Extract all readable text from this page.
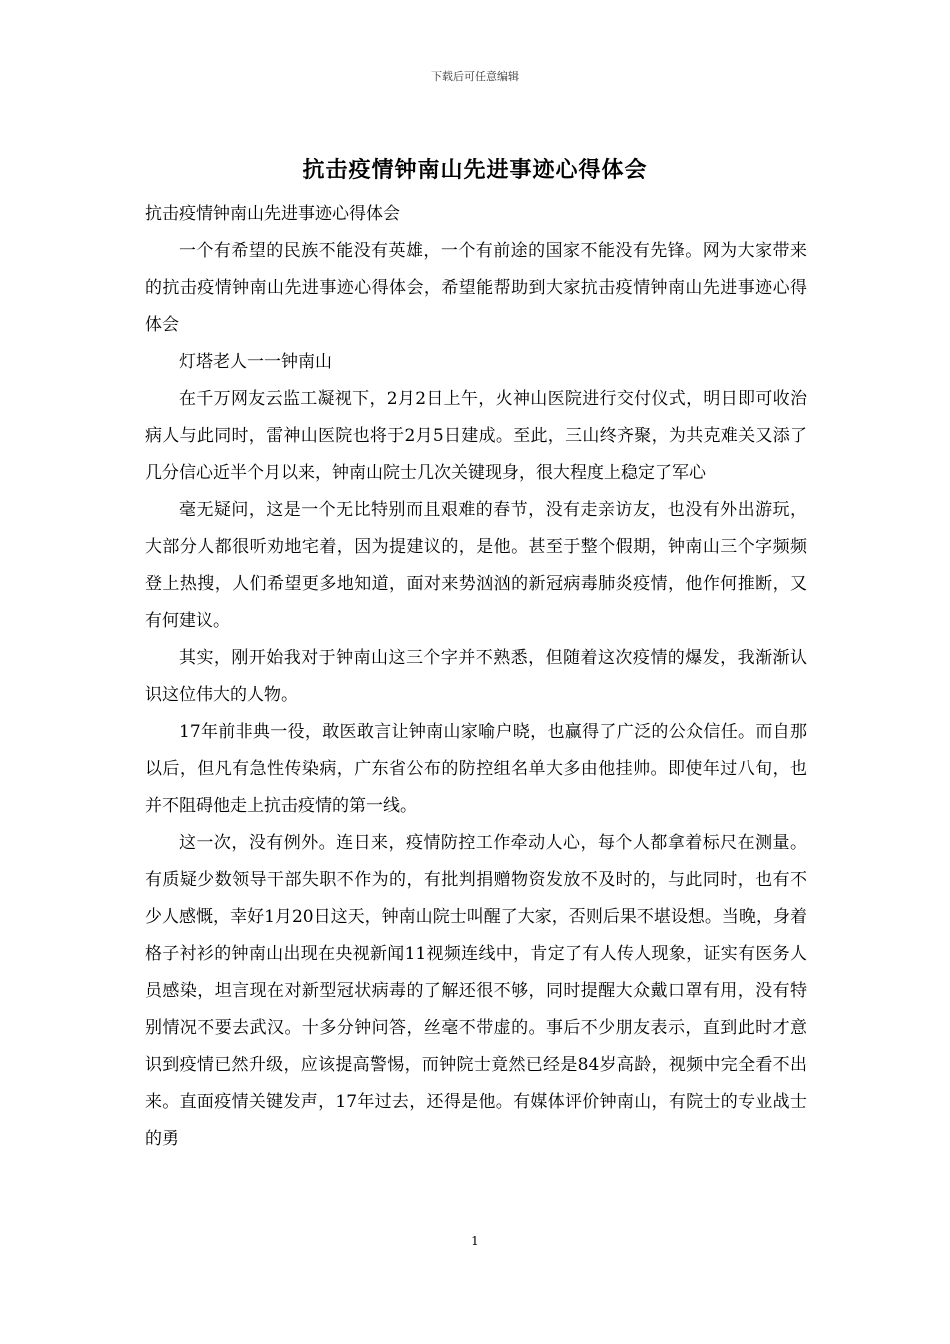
下载后可任意编辑
抗击疫情钟南山先进事迹心得体会

抗击疫情钟南山先进事迹心得体会

一个有希望的民族不能没有英雄，一个有前途的国家不能没有先锋。网为大家带来的抗击疫情钟南山先进事迹心得体会，希望能帮助到大家抗击疫情钟南山先进事迹心得体会

灯塔老人一一钟南山

在千万网友云监工凝视下，2月2日上午，火神山医院进行交付仪式，明日即可收治病人与此同时，雷神山医院也将于2月5日建成。至此，三山终齐聚，为共克难关又添了几分信心近半个月以来，钟南山院士几次关键现身，很大程度上稳定了军心

毫无疑问，这是一个无比特别而且艰难的春节，没有走亲访友，也没有外出游玩，大部分人都很听劝地宅着，因为提建议的，是他。甚至于整个假期，钟南山三个字频频登上热搜，人们希望更多地知道，面对来势汹汹的新冠病毒肺炎疫情，他作何推断，又有何建议。

其实，刚开始我对于钟南山这三个字并不熟悉，但随着这次疫情的爆发，我渐渐认识这位伟大的人物。

17年前非典一役，敢医敢言让钟南山家喻户晓，也赢得了广泛的公众信任。而自那以后，但凡有急性传染病，广东省公布的防控组名单大多由他挂帅。即使年过八旬，也并不阻碍他走上抗击疫情的第一线。

这一次，没有例外。连日来，疫情防控工作牵动人心，每个人都拿着标尺在测量。有质疑少数领导干部失职不作为的，有批判捐赠物资发放不及时的，与此同时，也有不少人感慨，幸好1月20日这天，钟南山院士叫醒了大家，否则后果不堪设想。当晚，身着格子衬衫的钟南山出现在央视新闻11视频连线中，肯定了有人传人现象，证实有医务人员感染，坦言现在对新型冠状病毒的了解还很不够，同时提醒大众戴口罩有用，没有特别情况不要去武汉。十多分钟问答，丝毫不带虚的。事后不少朋友表示，直到此时才意识到疫情已然升级，应该提高警惕，而钟院士竟然已经是84岁高龄，视频中完全看不出来。直面疫情关键发声，17年过去，还得是他。有媒体评价钟南山，有院士的专业战士的勇

1
